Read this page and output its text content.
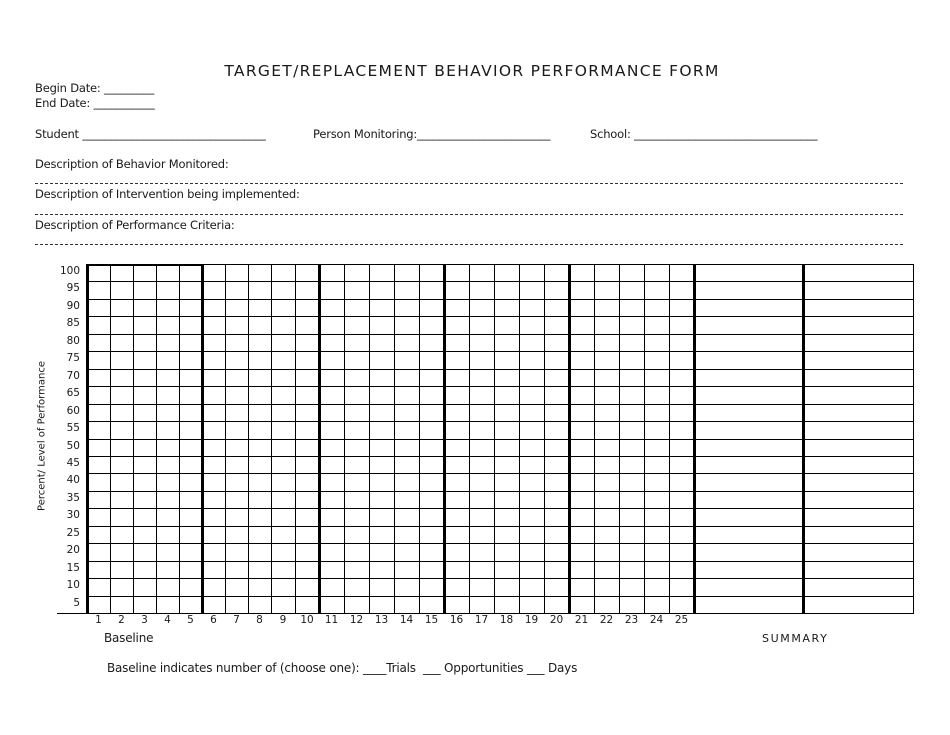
TARGET/REPLACEMENT BEHAVIOR PERFORMANCE FORM
Begin Date: _________
End Date: ___________
Student _________________________________	Person Monitoring:________________________	School: _________________________________
Description of Behavior Monitored:
Description of Intervention being implemented:
Description of Performance Criteria:
Percent/ Level of Performance
100
95
90
85
80
75
70
65
60
55
50
45
40
35
30
25
20
15
10
5
1	2	3	4	5	6	7	8	9	10	11	12	13	14	15	16	17	18	19	20	21	22	23	24	25
Baseline	SUMMARY
Baseline indicates number of (choose one): ____Trials ___ Opportunities ___ Days
